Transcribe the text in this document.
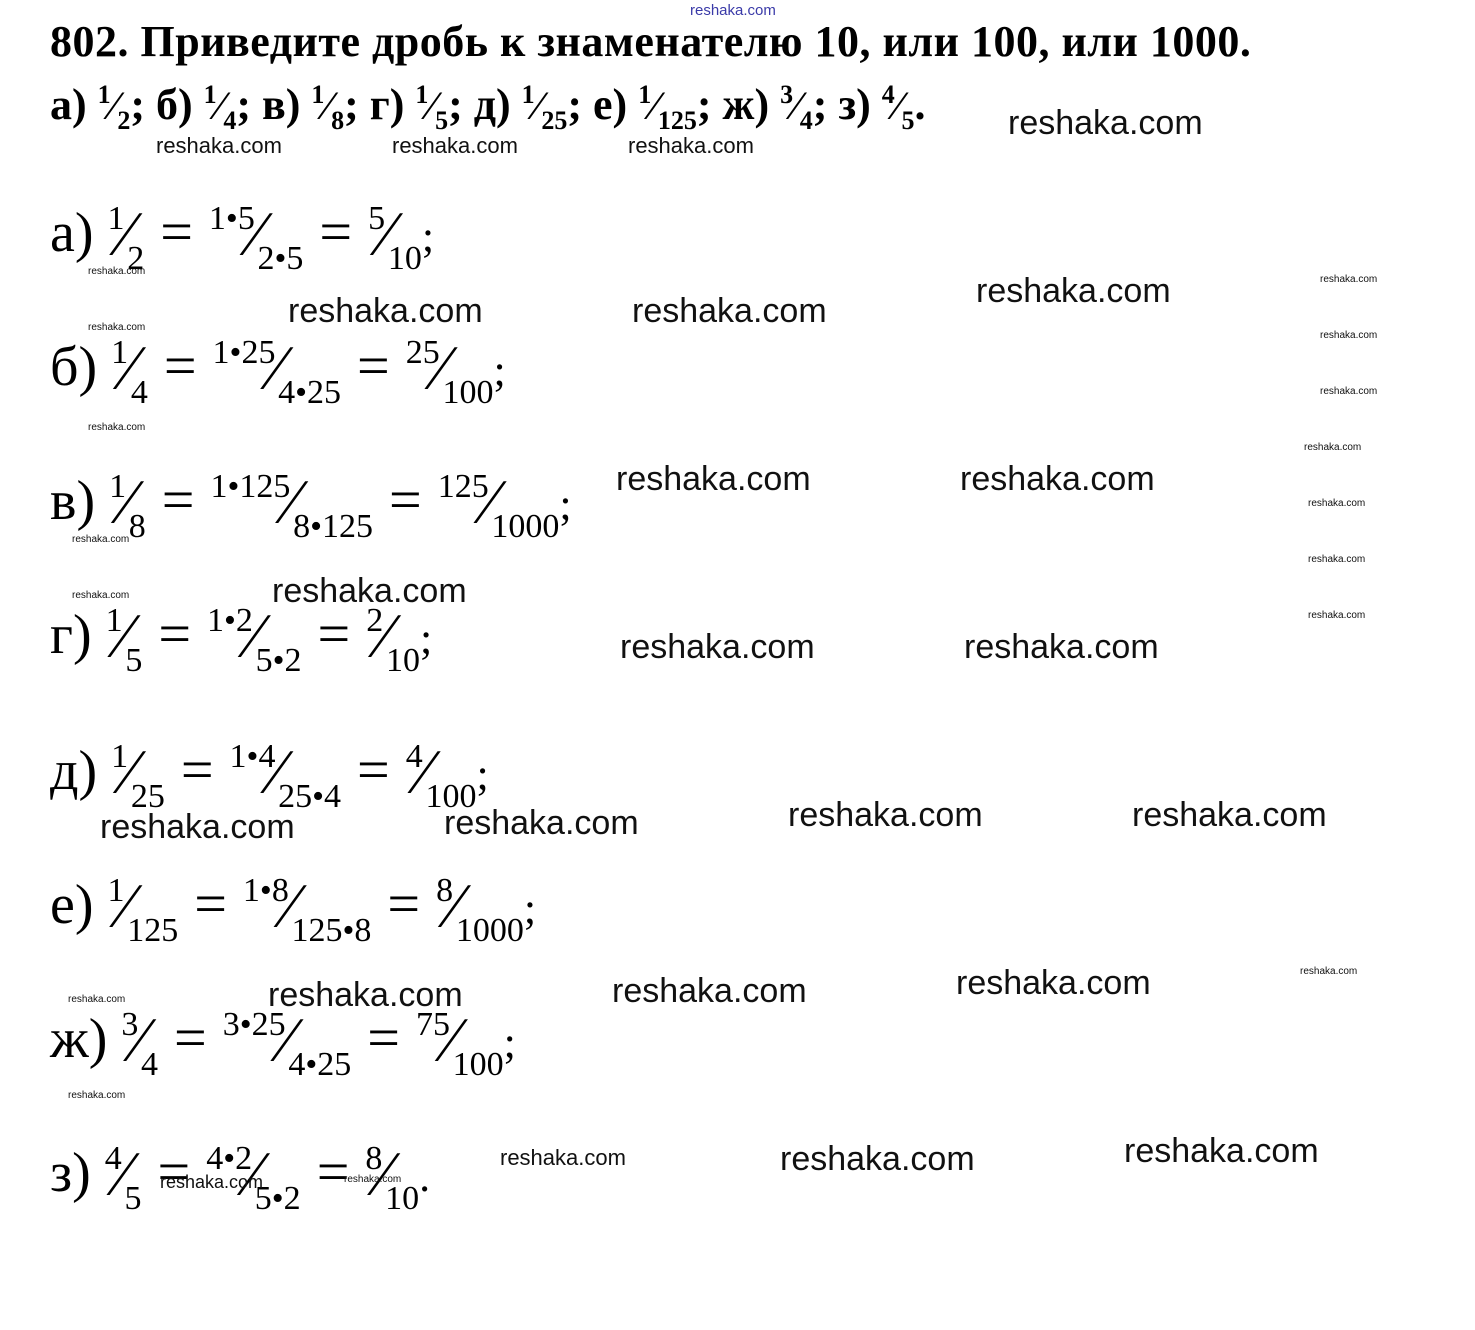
reshaka.com
802. Приведите дробь к знаменателю 10, или 100, или 1000.
а) $^1⁄_2$; б) $^1⁄_4$; в) $^1⁄_8$; г) $^1⁄_5$; д) $^1⁄_{25}$; е) $^1⁄_{125}$; ж) $^3⁄_4$; з) $^4⁄_5$.
а) $^1⁄_2$ = $^{1•5}⁄_{2•5}$ = $^5⁄_{10}$;
б) $^1⁄_4$ = $^{1•25}⁄_{4•25}$ = $^{25}⁄_{100}$;
в) $^1⁄_8$ = $^{1•125}⁄_{8•125}$ = $^{125}⁄_{1000}$;
г) $^1⁄_5$ = $^{1•2}⁄_{5•2}$ = $^2⁄_{10}$;
д) $^1⁄_{25}$ = $^{1•4}⁄_{25•4}$ = $^4⁄_{100}$;
е) $^1⁄_{125}$ = $^{1•8}⁄_{125•8}$ = $^8⁄_{1000}$;
ж) $^3⁄_4$ = $^{3•25}⁄_{4•25}$ = $^{75}⁄_{100}$;
з) $^4⁄_5$ = $^{4•2}⁄_{5•2}$ = $^8⁄_{10}$.
reshaka.com
reshaka.com	reshaka.com	reshaka.com
reshaka.com
reshaka.com	reshaka.com
reshaka.com	reshaka.com
reshaka.com
reshaka.com
reshaka.com
reshaka.com
reshaka.com
reshaka.com	reshaka.com
reshaka.com
reshaka.com
reshaka.com
reshaka.com
reshaka.com
reshaka.com
reshaka.com	reshaka.com
reshaka.com	reshaka.com
reshaka.com
reshaka.com
reshaka.com
reshaka.com
reshaka.com
reshaka.com
reshaka.com
reshaka.com
reshaka.com
reshaka.com	reshaka.com
reshaka.com	reshaka.com
